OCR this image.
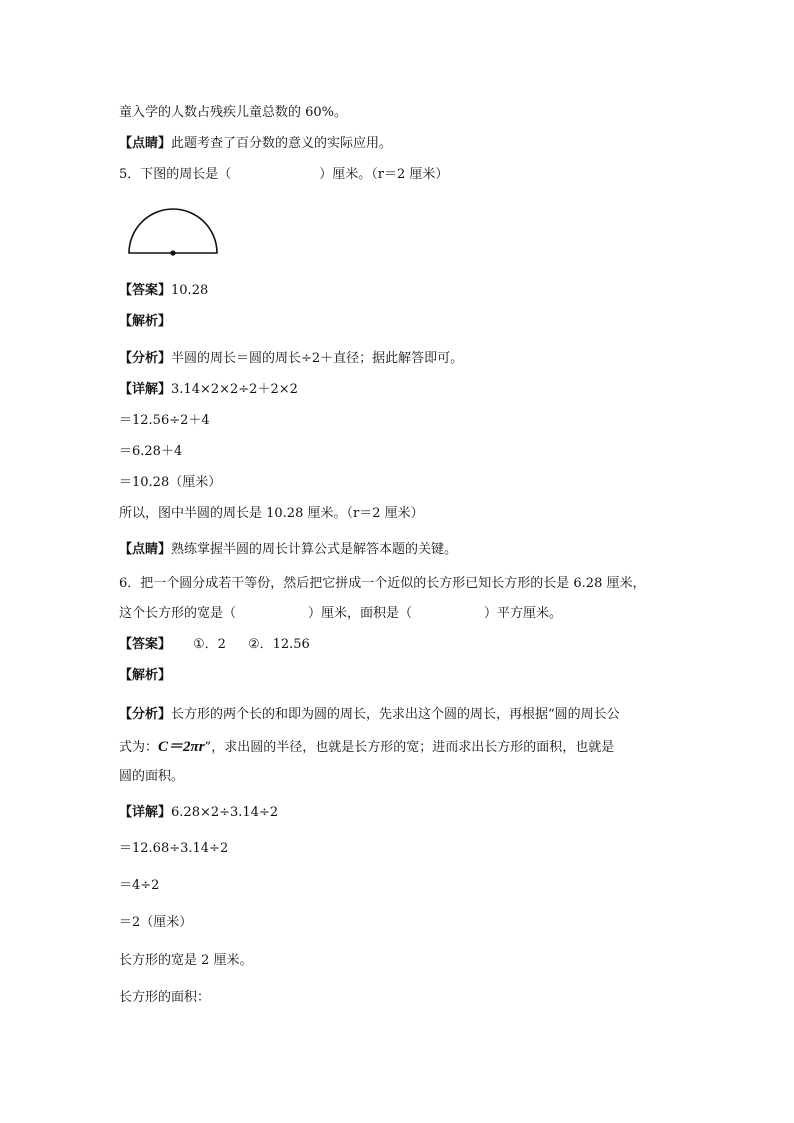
童入学的人数占残疾儿童总数的 60%。
【点睛】此题考查了百分数的意义的实际应用。
5．下图的周长是（	）厘米。（r＝2 厘米）
【答案】10.28
【解析】
【分析】半圆的周长＝圆的周长÷2＋直径；据此解答即可。
【详解】3.14×2×2÷2＋2×2
＝12.56÷2＋4
＝6.28＋4
＝10.28（厘米）
所以，图中半圆的周长是 10.28 厘米。（r＝2 厘米）
【点睛】熟练掌握半圆的周长计算公式是解答本题的关键。
6．把一个圆分成若干等份，然后把它拼成一个近似的长方形已知长方形的长是 6.28 厘米，
这个长方形的宽是（	）厘米，面积是（	）平方厘米。
【答案】 ①．2 ②．12.56
【解析】
【分析】长方形的两个长的和即为圆的周长，先求出这个圆的周长，再根据“圆的周长公
式为：C＝2πr”，求出圆的半径，也就是长方形的宽；进而求出长方形的面积，也就是
圆的面积。
【详解】6.28×2÷3.14÷2
＝12.68÷3.14÷2
＝4÷2
＝2（厘米）
长方形的宽是 2 厘米。
长方形的面积：
